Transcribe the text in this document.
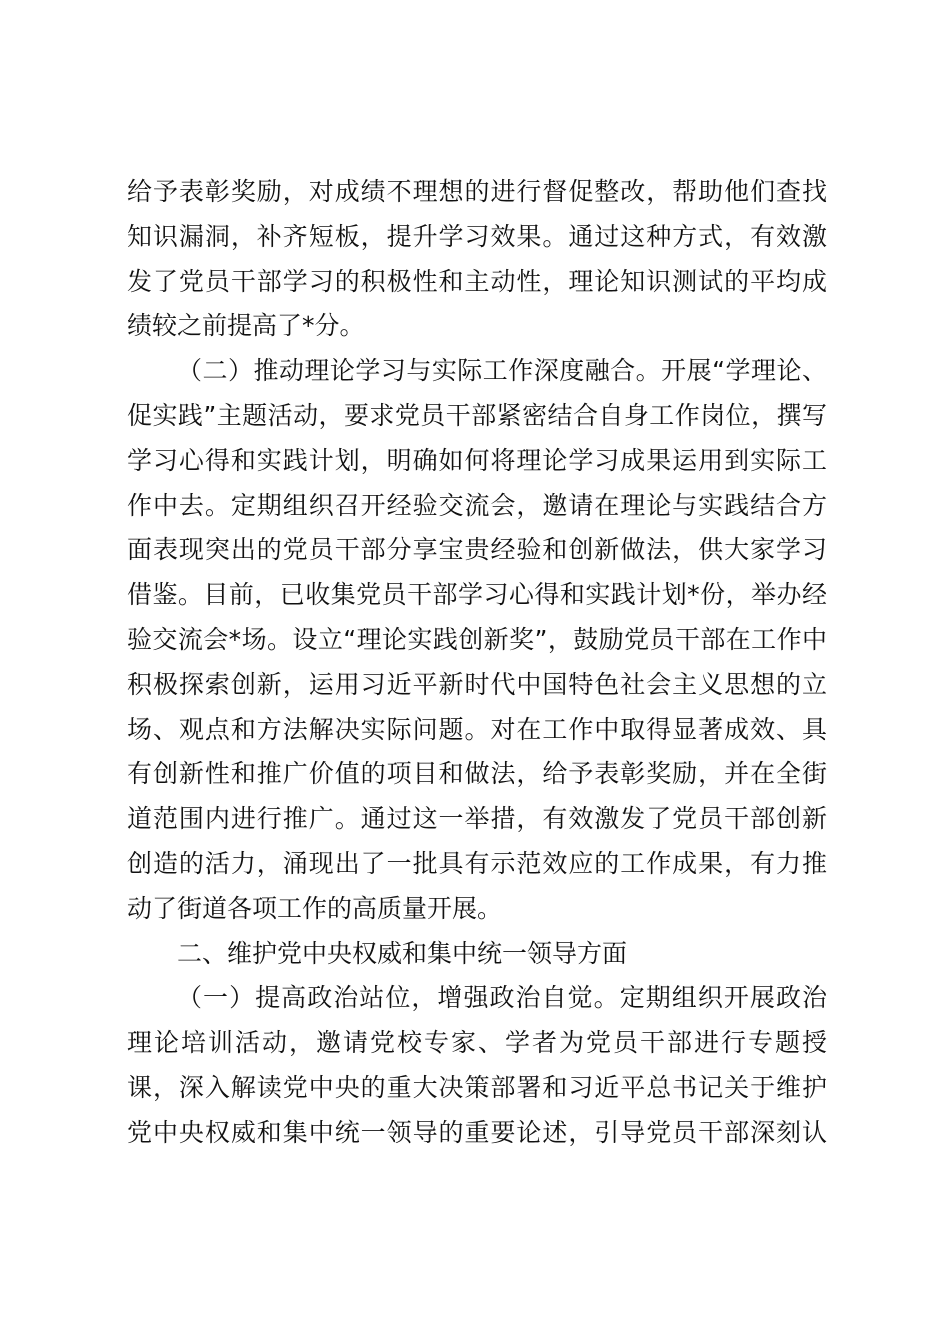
给予表彰奖励，对成绩不理想的进行督促整改，帮助他们查找
知识漏洞，补齐短板，提升学习效果。通过这种方式，有效激
发了党员干部学习的积极性和主动性，理论知识测试的平均成
绩较之前提高了*分。
（二）推动理论学习与实际工作深度融合。开展“学理论、
促实践”主题活动，要求党员干部紧密结合自身工作岗位，撰写
学习心得和实践计划，明确如何将理论学习成果运用到实际工
作中去。定期组织召开经验交流会，邀请在理论与实践结合方
面表现突出的党员干部分享宝贵经验和创新做法，供大家学习
借鉴。目前，已收集党员干部学习心得和实践计划*份，举办经
验交流会*场。设立“理论实践创新奖”，鼓励党员干部在工作中
积极探索创新，运用习近平新时代中国特色社会主义思想的立
场、观点和方法解决实际问题。对在工作中取得显著成效、具
有创新性和推广价值的项目和做法，给予表彰奖励，并在全街
道范围内进行推广。通过这一举措，有效激发了党员干部创新
创造的活力，涌现出了一批具有示范效应的工作成果，有力推
动了街道各项工作的高质量开展。
二、维护党中央权威和集中统一领导方面
（一）提高政治站位，增强政治自觉。定期组织开展政治
理论培训活动，邀请党校专家、学者为党员干部进行专题授
课，深入解读党中央的重大决策部署和习近平总书记关于维护
党中央权威和集中统一领导的重要论述，引导党员干部深刻认
